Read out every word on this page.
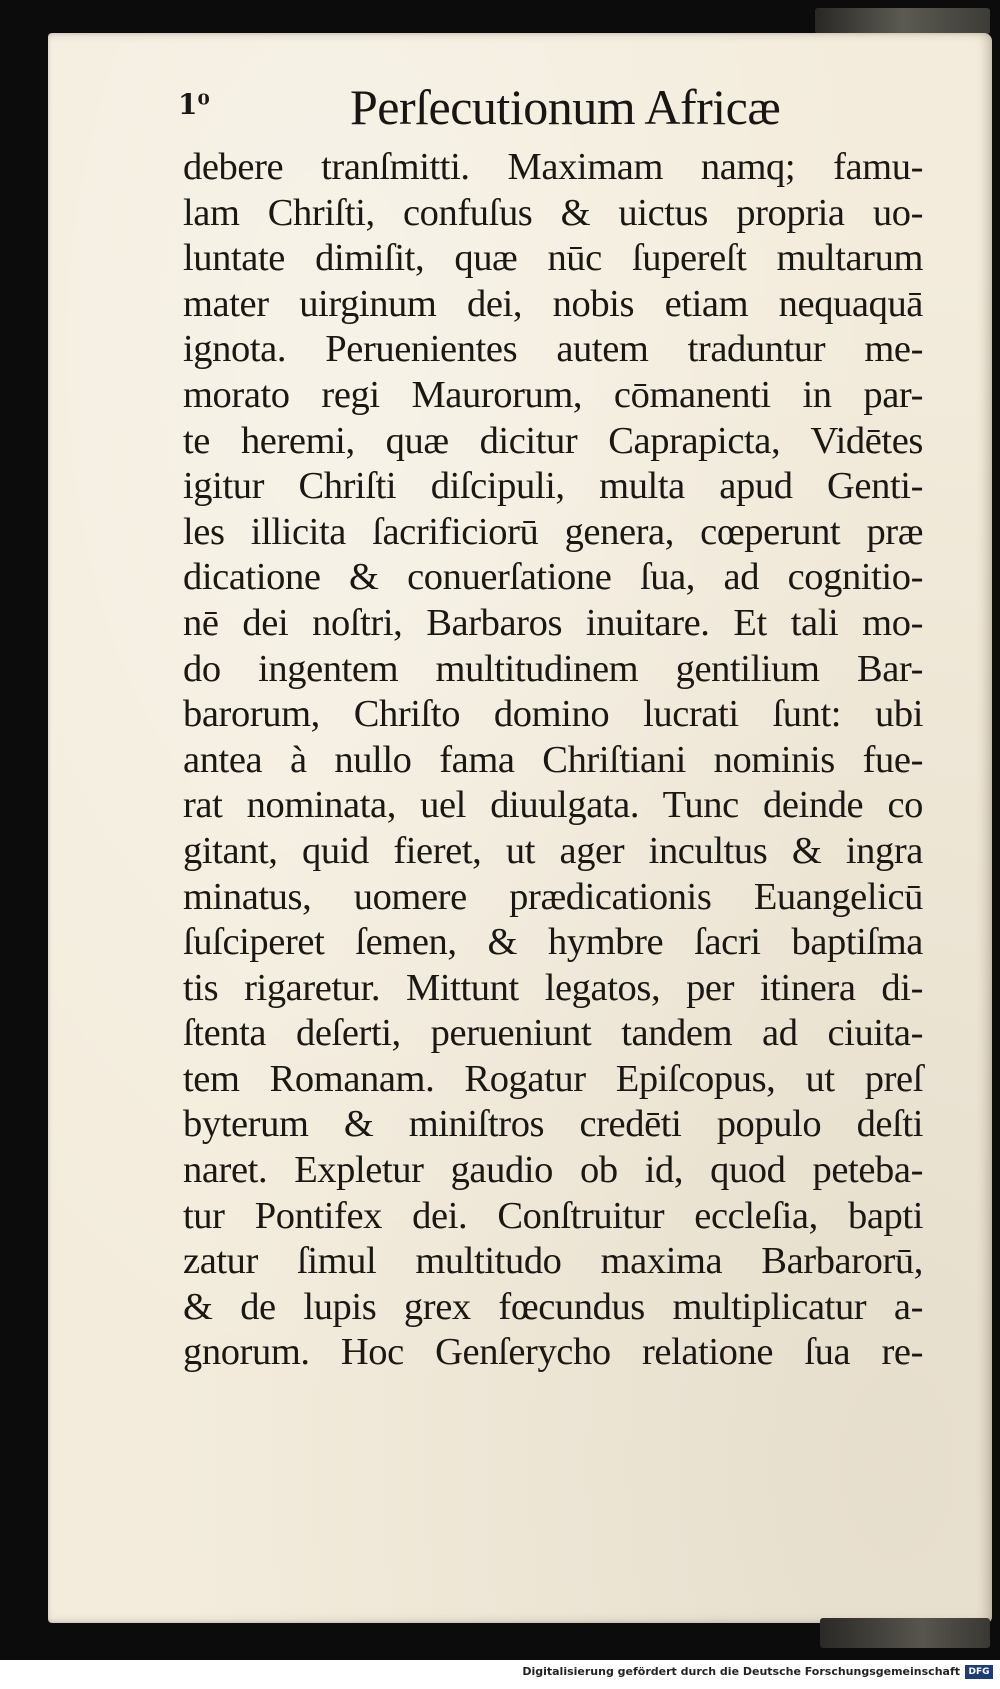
1⁰	Perſecutionum Africæ
debere tranſmitti. Maximam namq; famu-
lam Chriſti, confuſus & uictus propria uo-
luntate dimiſit, quæ nūc ſupereſt multarum
mater uirginum dei, nobis etiam nequaquā
ignota. Peruenientes autem traduntur me-
morato regi Maurorum, cōmanenti in par-
te heremi, quæ dicitur Caprapicta, Vidētes
igitur Chriſti diſcipuli, multa apud Genti-
les illicita ſacrificiorū genera, cœperunt præ
dicatione & conuerſatione ſua, ad cognitio-
nē dei noſtri, Barbaros inuitare. Et tali mo-
do ingentem multitudinem gentilium Bar-
barorum, Chriſto domino lucrati ſunt: ubi
antea à nullo fama Chriſtiani nominis fue-
rat nominata, uel diuulgata. Tunc deinde co
gitant, quid fieret, ut ager incultus & ingra
minatus, uomere prædicationis Euangelicū
ſuſciperet ſemen, & hymbre ſacri baptiſma
tis rigaretur. Mittunt legatos, per itinera di-
ſtenta deſerti, perueniunt tandem ad ciuita-
tem Romanam. Rogatur Epiſcopus, ut preſ
byterum & miniſtros credēti populo deſti
naret. Expletur gaudio ob id, quod peteba-
tur Pontifex dei. Conſtruitur eccleſia, bapti
zatur ſimul multitudo maxima Barbarorū,
& de lupis grex fœcundus multiplicatur a-
gnorum. Hoc Genſerycho relatione ſua re-
Digitalisierung gefördert durch die Deutsche Forschungsgemeinschaft DFG
